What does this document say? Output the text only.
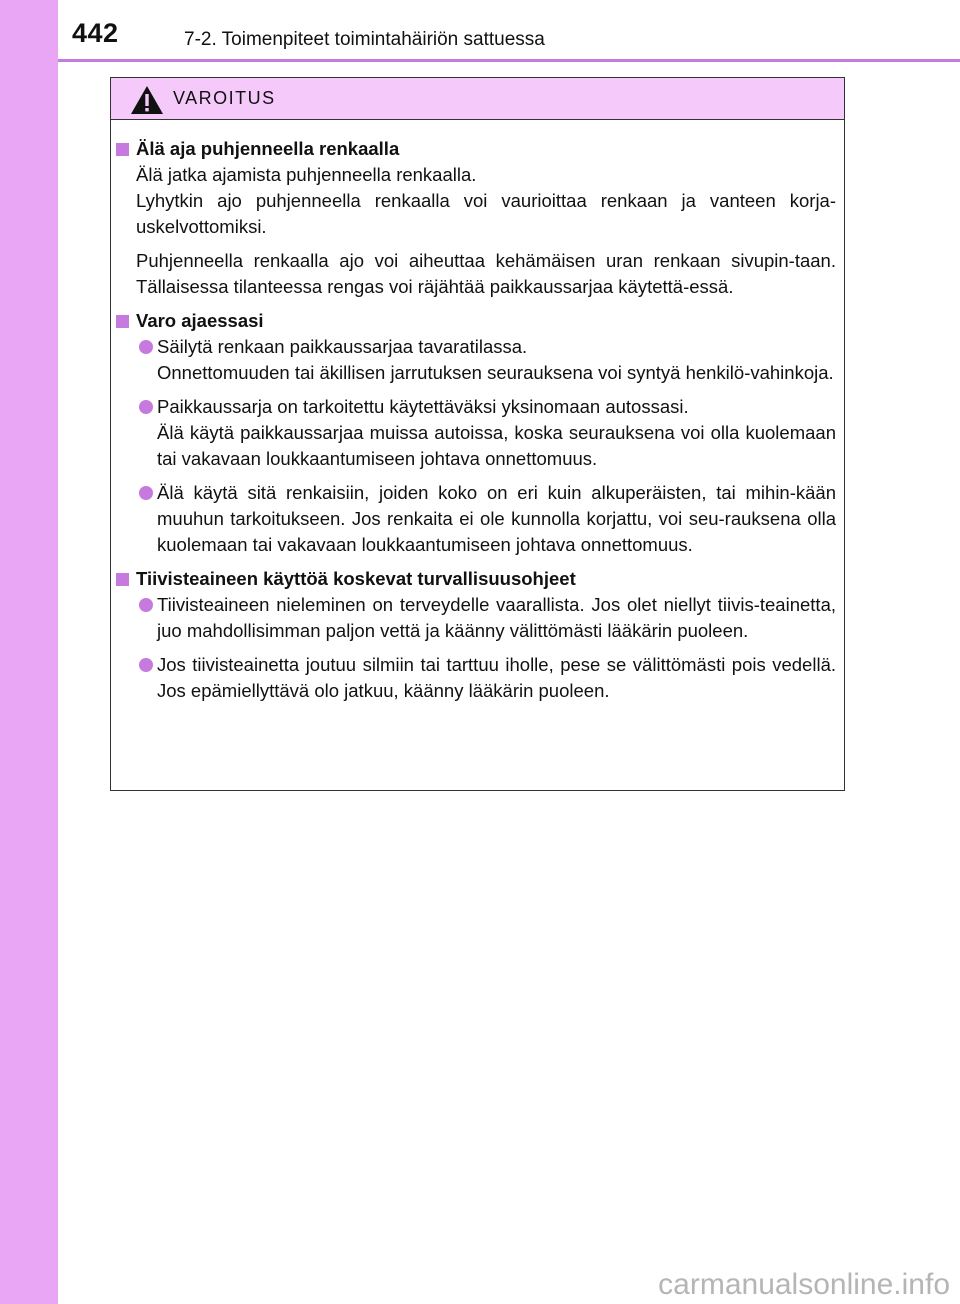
442	7-2. Toimenpiteet toimintahäiriön sattuessa
VAROITUS
Älä aja puhjenneella renkaalla

Älä jatka ajamista puhjenneella renkaalla.

Lyhytkin ajo puhjenneella renkaalla voi vaurioittaa renkaan ja vanteen korja-uskelvottomiksi.

Puhjenneella renkaalla ajo voi aiheuttaa kehämäisen uran renkaan sivupin-taan. Tällaisessa tilanteessa rengas voi räjähtää paikkaussarjaa käytettä-essä.

Varo ajaessasi

Säilytä renkaan paikkaussarjaa tavaratilassa.

Onnettomuuden tai äkillisen jarrutuksen seurauksena voi syntyä henkilö-vahinkoja.

Paikkaussarja on tarkoitettu käytettäväksi yksinomaan autossasi.

Älä käytä paikkaussarjaa muissa autoissa, koska seurauksena voi olla kuolemaan tai vakavaan loukkaantumiseen johtava onnettomuus.

Älä käytä sitä renkaisiin, joiden koko on eri kuin alkuperäisten, tai mihin-kään muuhun tarkoitukseen. Jos renkaita ei ole kunnolla korjattu, voi seu-rauksena olla kuolemaan tai vakavaan loukkaantumiseen johtava onnettomuus.

Tiivisteaineen käyttöä koskevat turvallisuusohjeet

Tiivisteaineen nieleminen on terveydelle vaarallista. Jos olet niellyt tiivis-teainetta, juo mahdollisimman paljon vettä ja käänny välittömästi lääkärin puoleen.

Jos tiivisteainetta joutuu silmiin tai tarttuu iholle, pese se välittömästi pois vedellä. Jos epämiellyttävä olo jatkuu, käänny lääkärin puoleen.

carmanualsonline.info
